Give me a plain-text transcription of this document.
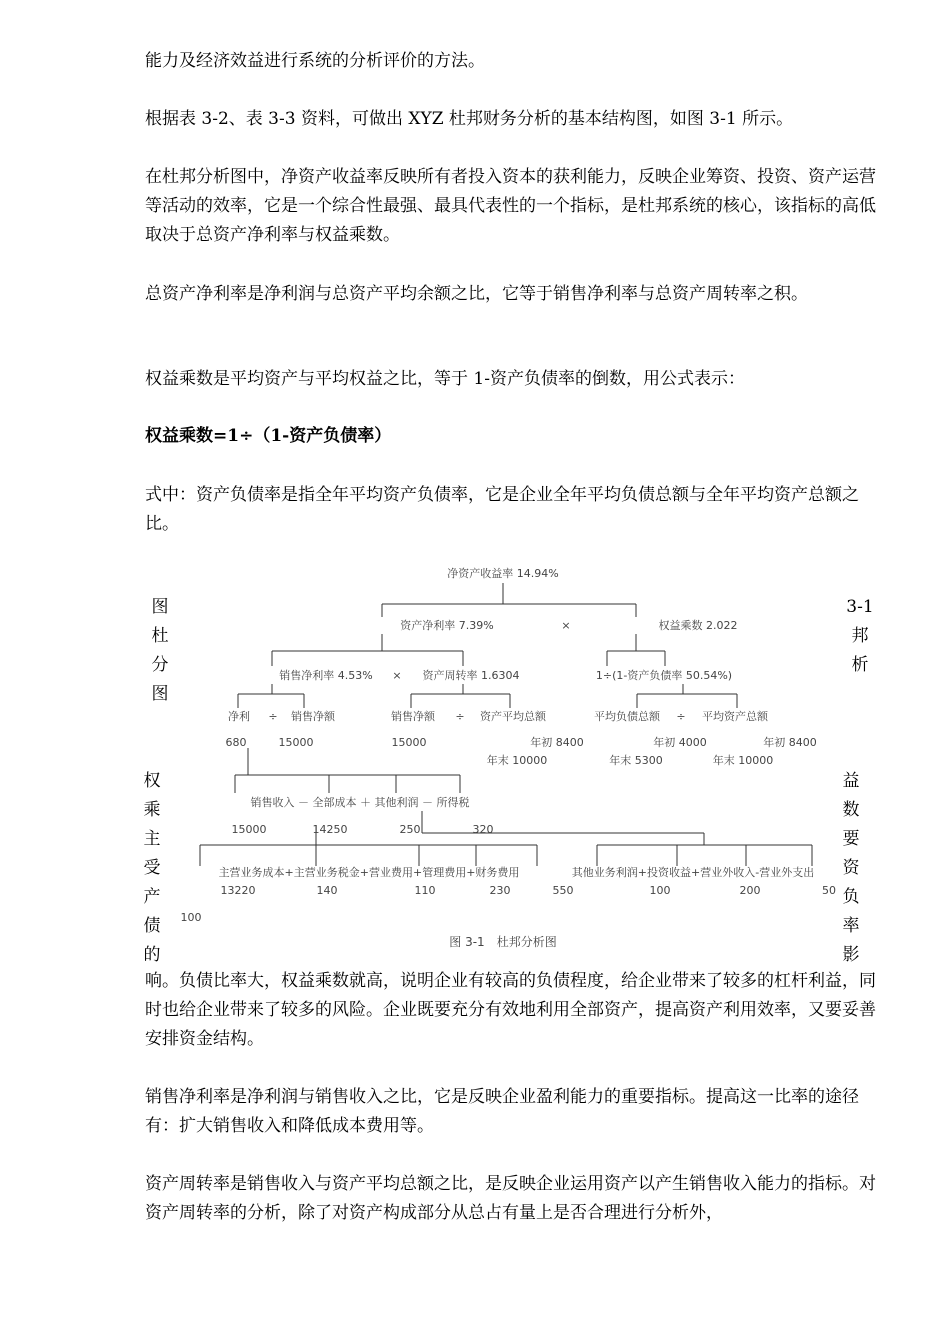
能力及经济效益进行系统的分析评价的方法。

根据表 3-2、表 3-3 资料，可做出 XYZ 杜邦财务分析的基本结构图，如图 3-1 所示。

在杜邦分析图中，净资产收益率反映所有者投入资本的获利能力，反映企业筹资、投资、资产运营等活动的效率，它是一个综合性最强、最具代表性的一个指标，是杜邦系统的核心，该指标的高低取决于总资产净利率与权益乘数。

总资产净利率是净利润与总资产平均余额之比，它等于销售净利率与总资产周转率之积。

权益乘数是平均资产与平均权益之比，等于 1-资产负债率的倒数，用公式表示：

权益乘数=1÷（1-资产负债率）

式中：资产负债率是指全年平均资产负债率，它是企业全年平均负债总额与全年平均资产总额之比。

图
杜
分
图
3-1
邦
析
权
乘
主
受
产
债
的
益
数
要
资
负
率
影
净资产收益率 14.94%
资产净利率 7.39%	×	权益乘数 2.022
销售净利率 4.53% × 资产周转率 1.6304	1÷(1-资产负债率 50.54%)
净利 ÷ 销售净额	销售净额 ÷ 资产平均总额	平均负债总额 ÷ 平均资产总额
680	15000	15000	年初 8400
年末 10000
年初 4000
年末 5300
年初 8400
年末 10000
销售收入 － 全部成本 ＋ 其他利润 － 所得税
15000	14250	250	320
主营业务成本+主营业务税金+营业费用+管理费用+财务费用	其他业务利润+投资收益+营业外收入-营业外支出
13220	140	110	230	550	100	200	50
100
图 3-1　杜邦分析图

响。负债比率大，权益乘数就高，说明企业有较高的负债程度，给企业带来了较多的杠杆利益，同时也给企业带来了较多的风险。企业既要充分有效地利用全部资产，提高资产利用效率，又要妥善安排资金结构。

销售净利率是净利润与销售收入之比，它是反映企业盈利能力的重要指标。提高这一比率的途径有：扩大销售收入和降低成本费用等。

资产周转率是销售收入与资产平均总额之比，是反映企业运用资产以产生销售收入能力的指标。对资产周转率的分析，除了对资产构成部分从总占有量上是否合理进行分析外，
